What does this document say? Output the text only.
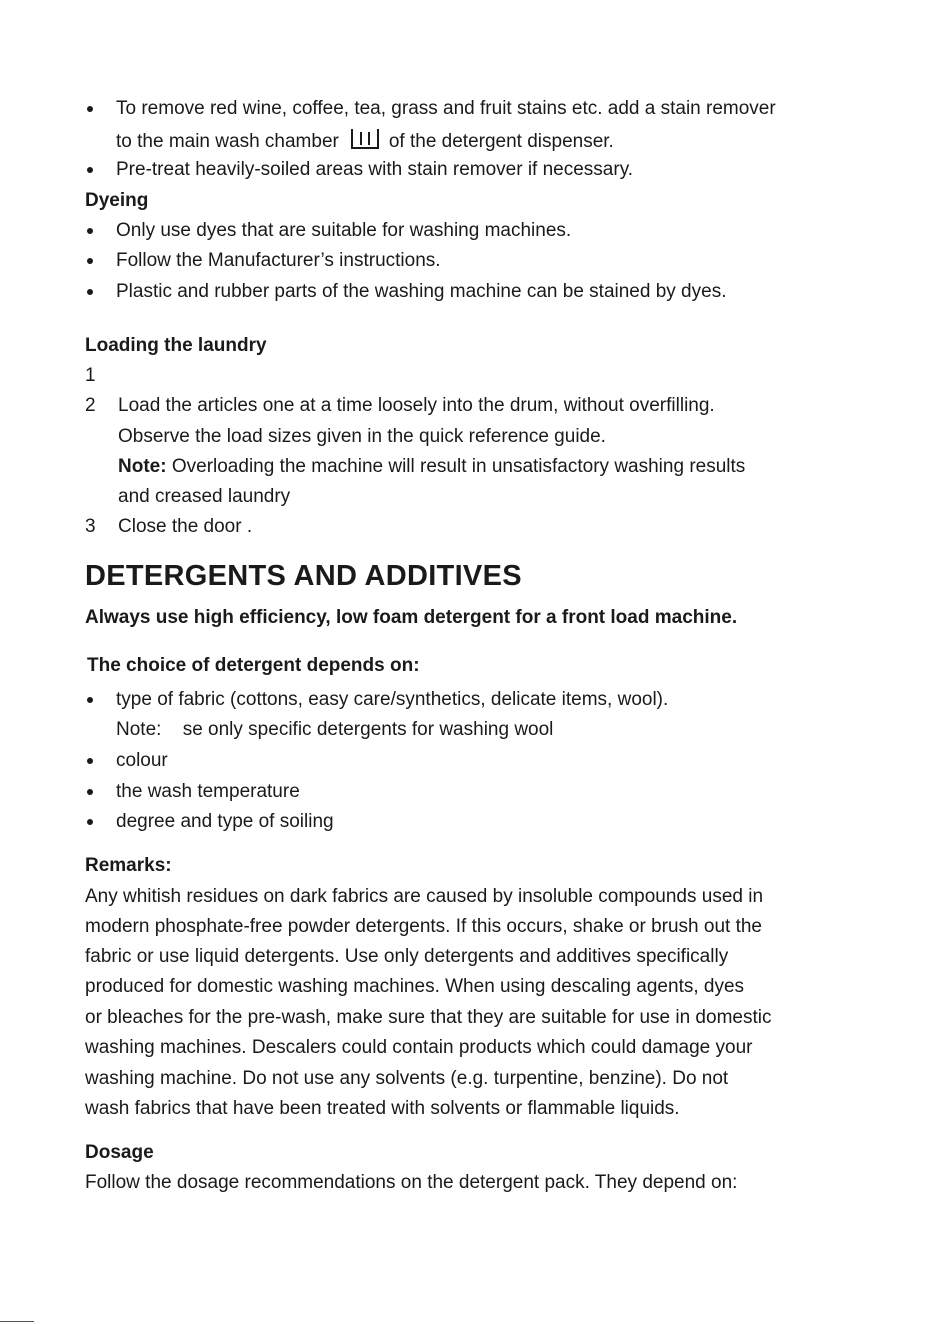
To remove red wine, coffee, tea, grass and fruit stains etc. add a stain remover
to the main wash chamber	of the detergent dispenser.
Pre-treat heavily-soiled areas with stain remover if necessary.
Dyeing
Only use dyes that are suitable for washing machines.
Follow the Manufacturer’s instructions.
Plastic and rubber parts of the washing machine can be stained by dyes.
Loading the laundry
1
2 Load the articles one at a time loosely into the drum, without overfilling.
Observe the load sizes given in the quick reference guide.
Note: Overloading the machine will result in unsatisfactory washing results
and creased laundry
3 Close the door .
DETERGENTS AND ADDITIVES
Always use high efficiency, low foam detergent for a front load machine.
The choice of detergent depends on:
type of fabric (cottons, easy care/synthetics, delicate items, wool).
Note: se only specific detergents for washing wool
colour
the wash temperature
degree and type of soiling
Remarks:
Any whitish residues on dark fabrics are caused by insoluble compounds used in
modern phosphate-free powder detergents. If this occurs, shake or brush out the
fabric or use liquid detergents. Use only detergents and additives specifically
produced for domestic washing machines. When using descaling agents, dyes
or bleaches for the pre-wash, make sure that they are suitable for use in domestic
washing machines. Descalers could contain products which could damage your
washing machine. Do not use any solvents (e.g. turpentine, benzine). Do not
wash fabrics that have been treated with solvents or flammable liquids.
Dosage
Follow the dosage recommendations on the detergent pack. They depend on:
